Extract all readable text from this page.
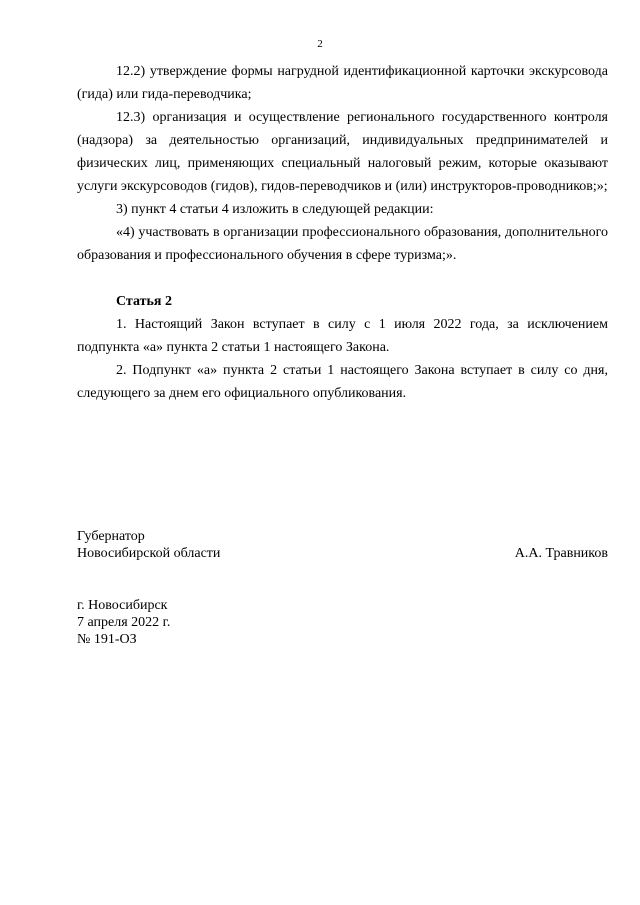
2

12.2) утверждение формы нагрудной идентификационной карточки экскурсовода (гида) или гида-переводчика;

12.3) организация и осуществление регионального государственного контроля (надзора) за деятельностью организаций, индивидуальных предпринимателей и физических лиц, применяющих специальный налоговый режим, которые оказывают услуги экскурсоводов (гидов), гидов-переводчиков и (или) инструкторов-проводников;»;

3) пункт 4 статьи 4 изложить в следующей редакции:

«4) участвовать в организации профессионального образования, дополнительного образования и профессионального обучения в сфере туризма;».

Статья 2

1. Настоящий Закон вступает в силу с 1 июля 2022 года, за исключением подпункта «а» пункта 2 статьи 1 настоящего Закона.

2. Подпункт «а» пункта 2 статьи 1 настоящего Закона вступает в силу со дня, следующего за днем его официального опубликования.

Губернатор
Новосибирской области	А.А. Травников
г. Новосибирск
7 апреля 2022 г.
№ 191-ОЗ
